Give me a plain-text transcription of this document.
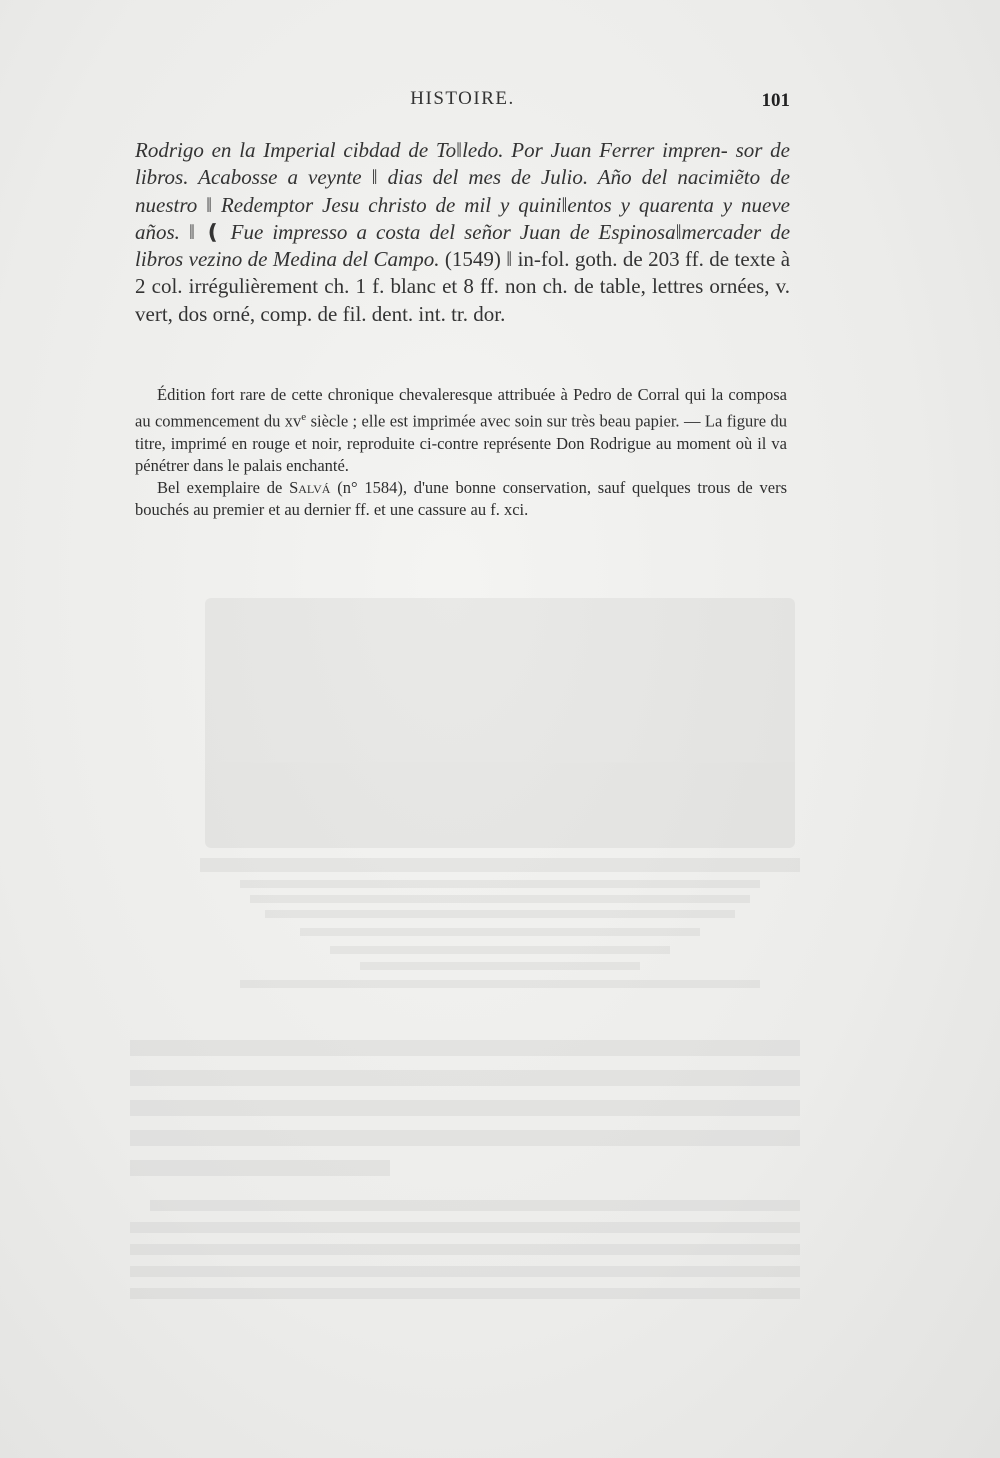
HISTOIRE.	101
Rodrigo en la Imperial cibdad de To‖ledo. Por Juan Ferrer impren- sor de libros. Acabosse a veynte ‖ dias del mes de Julio. Año del nacimiẽto de nuestro ‖ Redemptor Jesu christo de mil y quini‖entos y quarenta y nueve años. ‖ ❪ Fue impresso a costa del señor Juan de Espinosa‖mercader de libros vezino de Medina del Campo. (1549) ‖ in-fol. goth. de 203 ff. de texte à 2 col. irrégulièrement ch. 1 f. blanc et 8 ff. non ch. de table, lettres ornées, v. vert, dos orné, comp. de fil. dent. int. tr. dor.

Édition fort rare de cette chronique chevaleresque attribuée à Pedro de Corral qui la composa au commencement du $xv^e$ siècle ; elle est imprimée avec soin sur très beau papier. — La figure du titre, imprimé en rouge et noir, reproduite ci-contre représente Don Rodrigue au moment où il va pénétrer dans le palais enchanté.

Bel exemplaire de Salvá (n° 1584), d'une bonne conservation, sauf quelques trous de vers bouchés au premier et au dernier ff. et une cassure au f. xci.
